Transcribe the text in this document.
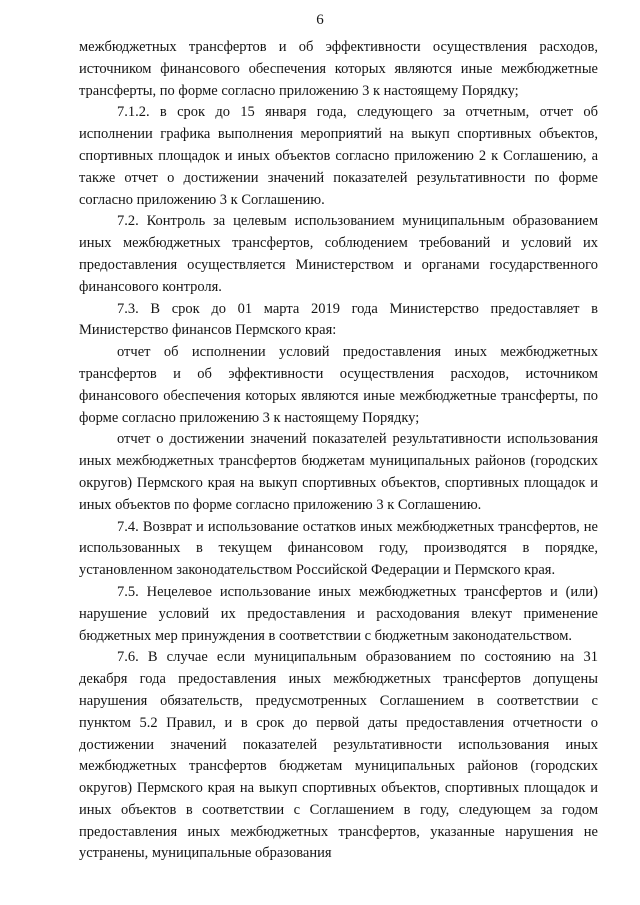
6

межбюджетных трансфертов и об эффективности осуществления расходов, источником финансового обеспечения которых являются иные межбюджетные трансферты, по форме согласно приложению 3 к настоящему Порядку;

7.1.2. в срок до 15 января года, следующего за отчетным, отчет об исполнении графика выполнения мероприятий на выкуп спортивных объектов, спортивных площадок и иных объектов согласно приложению 2 к Соглашению, а также отчет о достижении значений показателей результативности по форме согласно приложению 3 к Соглашению.

7.2. Контроль за целевым использованием муниципальным образованием иных межбюджетных трансфертов, соблюдением требований и условий их предоставления осуществляется Министерством и органами государственного финансового контроля.

7.3. В срок до 01 марта 2019 года Министерство предоставляет в Министерство финансов Пермского края:

отчет об исполнении условий предоставления иных межбюджетных трансфертов и об эффективности осуществления расходов, источником финансового обеспечения которых являются иные межбюджетные трансферты, по форме согласно приложению 3 к настоящему Порядку;

отчет о достижении значений показателей результативности использования иных межбюджетных трансфертов бюджетам муниципальных районов (городских округов) Пермского края на выкуп спортивных объектов, спортивных площадок и иных объектов по форме согласно приложению 3 к Соглашению.

7.4. Возврат и использование остатков иных межбюджетных трансфертов, не использованных в текущем финансовом году, производятся в порядке, установленном законодательством Российской Федерации и Пермского края.

7.5. Нецелевое использование иных межбюджетных трансфертов и (или) нарушение условий их предоставления и расходования влекут применение бюджетных мер принуждения в соответствии с бюджетным законодательством.

7.6. В случае если муниципальным образованием по состоянию на 31 декабря года предоставления иных межбюджетных трансфертов допущены нарушения обязательств, предусмотренных Соглашением в соответствии с пунктом 5.2 Правил, и в срок до первой даты предоставления отчетности о достижении значений показателей результативности использования иных межбюджетных трансфертов бюджетам муниципальных районов (городских округов) Пермского края на выкуп спортивных объектов, спортивных площадок и иных объектов в соответствии с Соглашением в году, следующем за годом предоставления иных межбюджетных трансфертов, указанные нарушения не устранены, муниципальные образования
